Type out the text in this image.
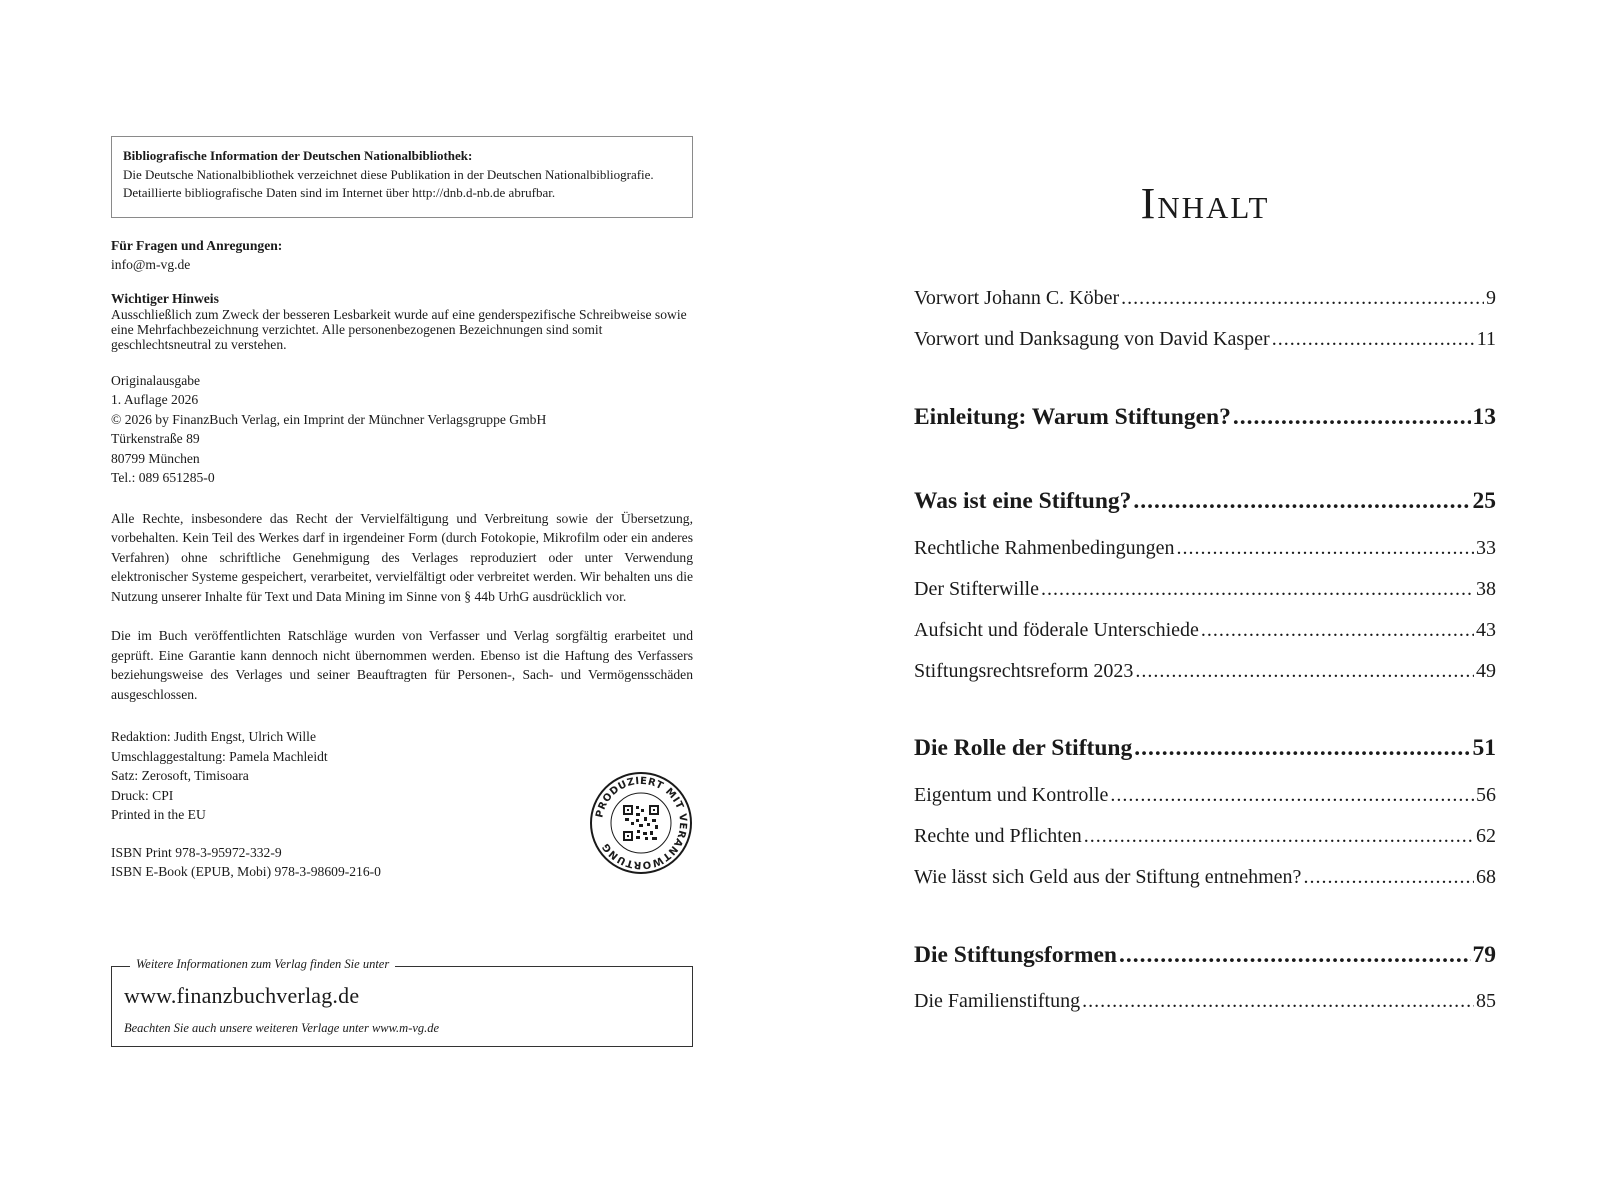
Bibliografische Information der Deutschen Nationalbibliothek:
Die Deutsche Nationalbibliothek verzeichnet diese Publikation in der Deutschen Nationalbibliografie.
Detaillierte bibliografische Daten sind im Internet über http://dnb.d-nb.de abrufbar.
Für Fragen und Anregungen:
info@m-vg.de
Wichtiger Hinweis
Ausschließlich zum Zweck der besseren Lesbarkeit wurde auf eine genderspezifische Schreibweise sowie eine Mehrfachbezeichnung verzichtet. Alle personenbezogenen Bezeichnungen sind somit geschlechtsneutral zu verstehen.
Originalausgabe
1. Auflage 2026
© 2026 by FinanzBuch Verlag, ein Imprint der Münchner Verlagsgruppe GmbH
Türkenstraße 89
80799 München
Tel.: 089 651285-0
Alle Rechte, insbesondere das Recht der Vervielfältigung und Verbreitung sowie der Übersetzung, vorbehalten. Kein Teil des Werkes darf in irgendeiner Form (durch Fotokopie, Mikrofilm oder ein anderes Verfahren) ohne schriftliche Genehmigung des Verlages reproduziert oder unter Verwendung elektronischer Systeme gespeichert, verarbeitet, vervielfältigt oder verbreitet werden. Wir behalten uns die Nutzung unserer Inhalte für Text und Data Mining im Sinne von § 44b UrhG ausdrücklich vor.
Die im Buch veröffentlichten Ratschläge wurden von Verfasser und Verlag sorgfältig erarbeitet und geprüft. Eine Garantie kann dennoch nicht übernommen werden. Ebenso ist die Haftung des Verfassers beziehungsweise des Verlages und seiner Beauftragten für Personen-, Sach- und Vermögensschäden ausgeschlossen.
Redaktion: Judith Engst, Ulrich Wille
Umschlaggestaltung: Pamela Machleidt
Satz: Zerosoft, Timisoara
Druck: CPI
Printed in the EU
ISBN Print 978-3-95972-332-9
ISBN E-Book (EPUB, Mobi) 978-3-98609-216-0
PRODUZIERT MIT VERANTWORTUNG
Weitere Informationen zum Verlag finden Sie unter
www.finanzbuchverlag.de
Beachten Sie auch unsere weiteren Verlage unter www.m-vg.de
Inhalt
Vorwort Johann C. Köber .....	9
Vorwort und Danksagung von David Kasper .....	11
Einleitung: Warum Stiftungen? .....	13
Was ist eine Stiftung? .....	25
Rechtliche Rahmenbedingungen .....	33
Der Stifterwille .....	38
Aufsicht und föderale Unterschiede .....	43
Stiftungsrechtsreform 2023 .....	49
Die Rolle der Stiftung .....	51
Eigentum und Kontrolle .....	56
Rechte und Pflichten .....	62
Wie lässt sich Geld aus der Stiftung entnehmen? .....	68
Die Stiftungsformen .....	79
Die Familienstiftung .....	85
